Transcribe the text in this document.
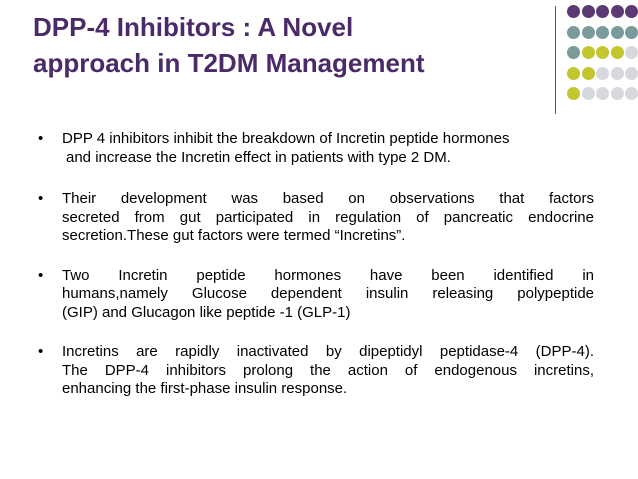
DPP-4 Inhibitors : A Novel
approach in T2DM Management
• DPP 4 inhibitors inhibit the breakdown of Incretin peptide hormones
and increase the Incretin effect in patients with type 2 DM.
• Their development was based on observations that factors
secreted from gut participated in regulation of pancreatic endocrine
secretion.These gut factors were termed “Incretins”.
• Two Incretin peptide hormones have been identified in
humans,namely Glucose dependent insulin releasing polypeptide
(GIP) and Glucagon like peptide -1 (GLP-1)
• Incretins are rapidly inactivated by dipeptidyl peptidase-4 (DPP-4).
The DPP-4 inhibitors prolong the action of endogenous incretins,
enhancing the first-phase insulin response.
